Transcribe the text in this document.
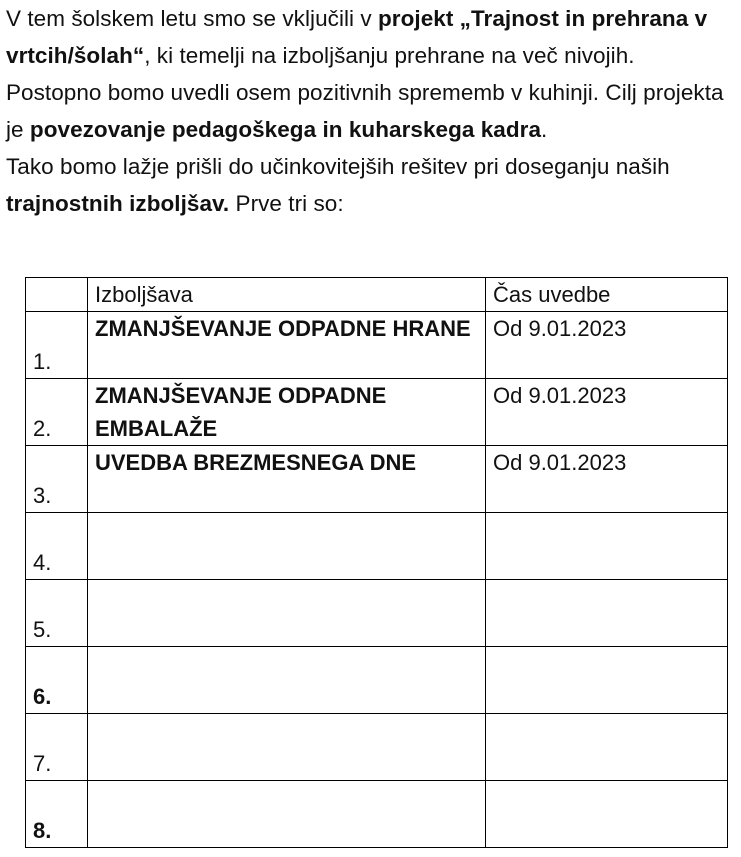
V tem šolskem letu smo se vključili v projekt „Trajnost in prehrana v vrtcih/šolah“, ki temelji na izboljšanju prehrane na več nivojih.

Postopno bomo uvedli osem pozitivnih sprememb v kuhinji. Cilj projekta je povezovanje pedagoškega in kuharskega kadra.

Tako bomo lažje prišli do učinkovitejših rešitev pri doseganju naših trajnostnih izboljšav. Prve tri so:

	Izboljšava	Čas uvedbe

1.	ZMANJŠEVANJE ODPADNE HRANE	Od 9.01.2023

2.	ZMANJŠEVANJE ODPADNE EMBALAŽE	Od 9.01.2023

3.	UVEDBA BREZMESNEGA DNE	Od 9.01.2023

4.		

5.		

6.		

7.		

8.		
